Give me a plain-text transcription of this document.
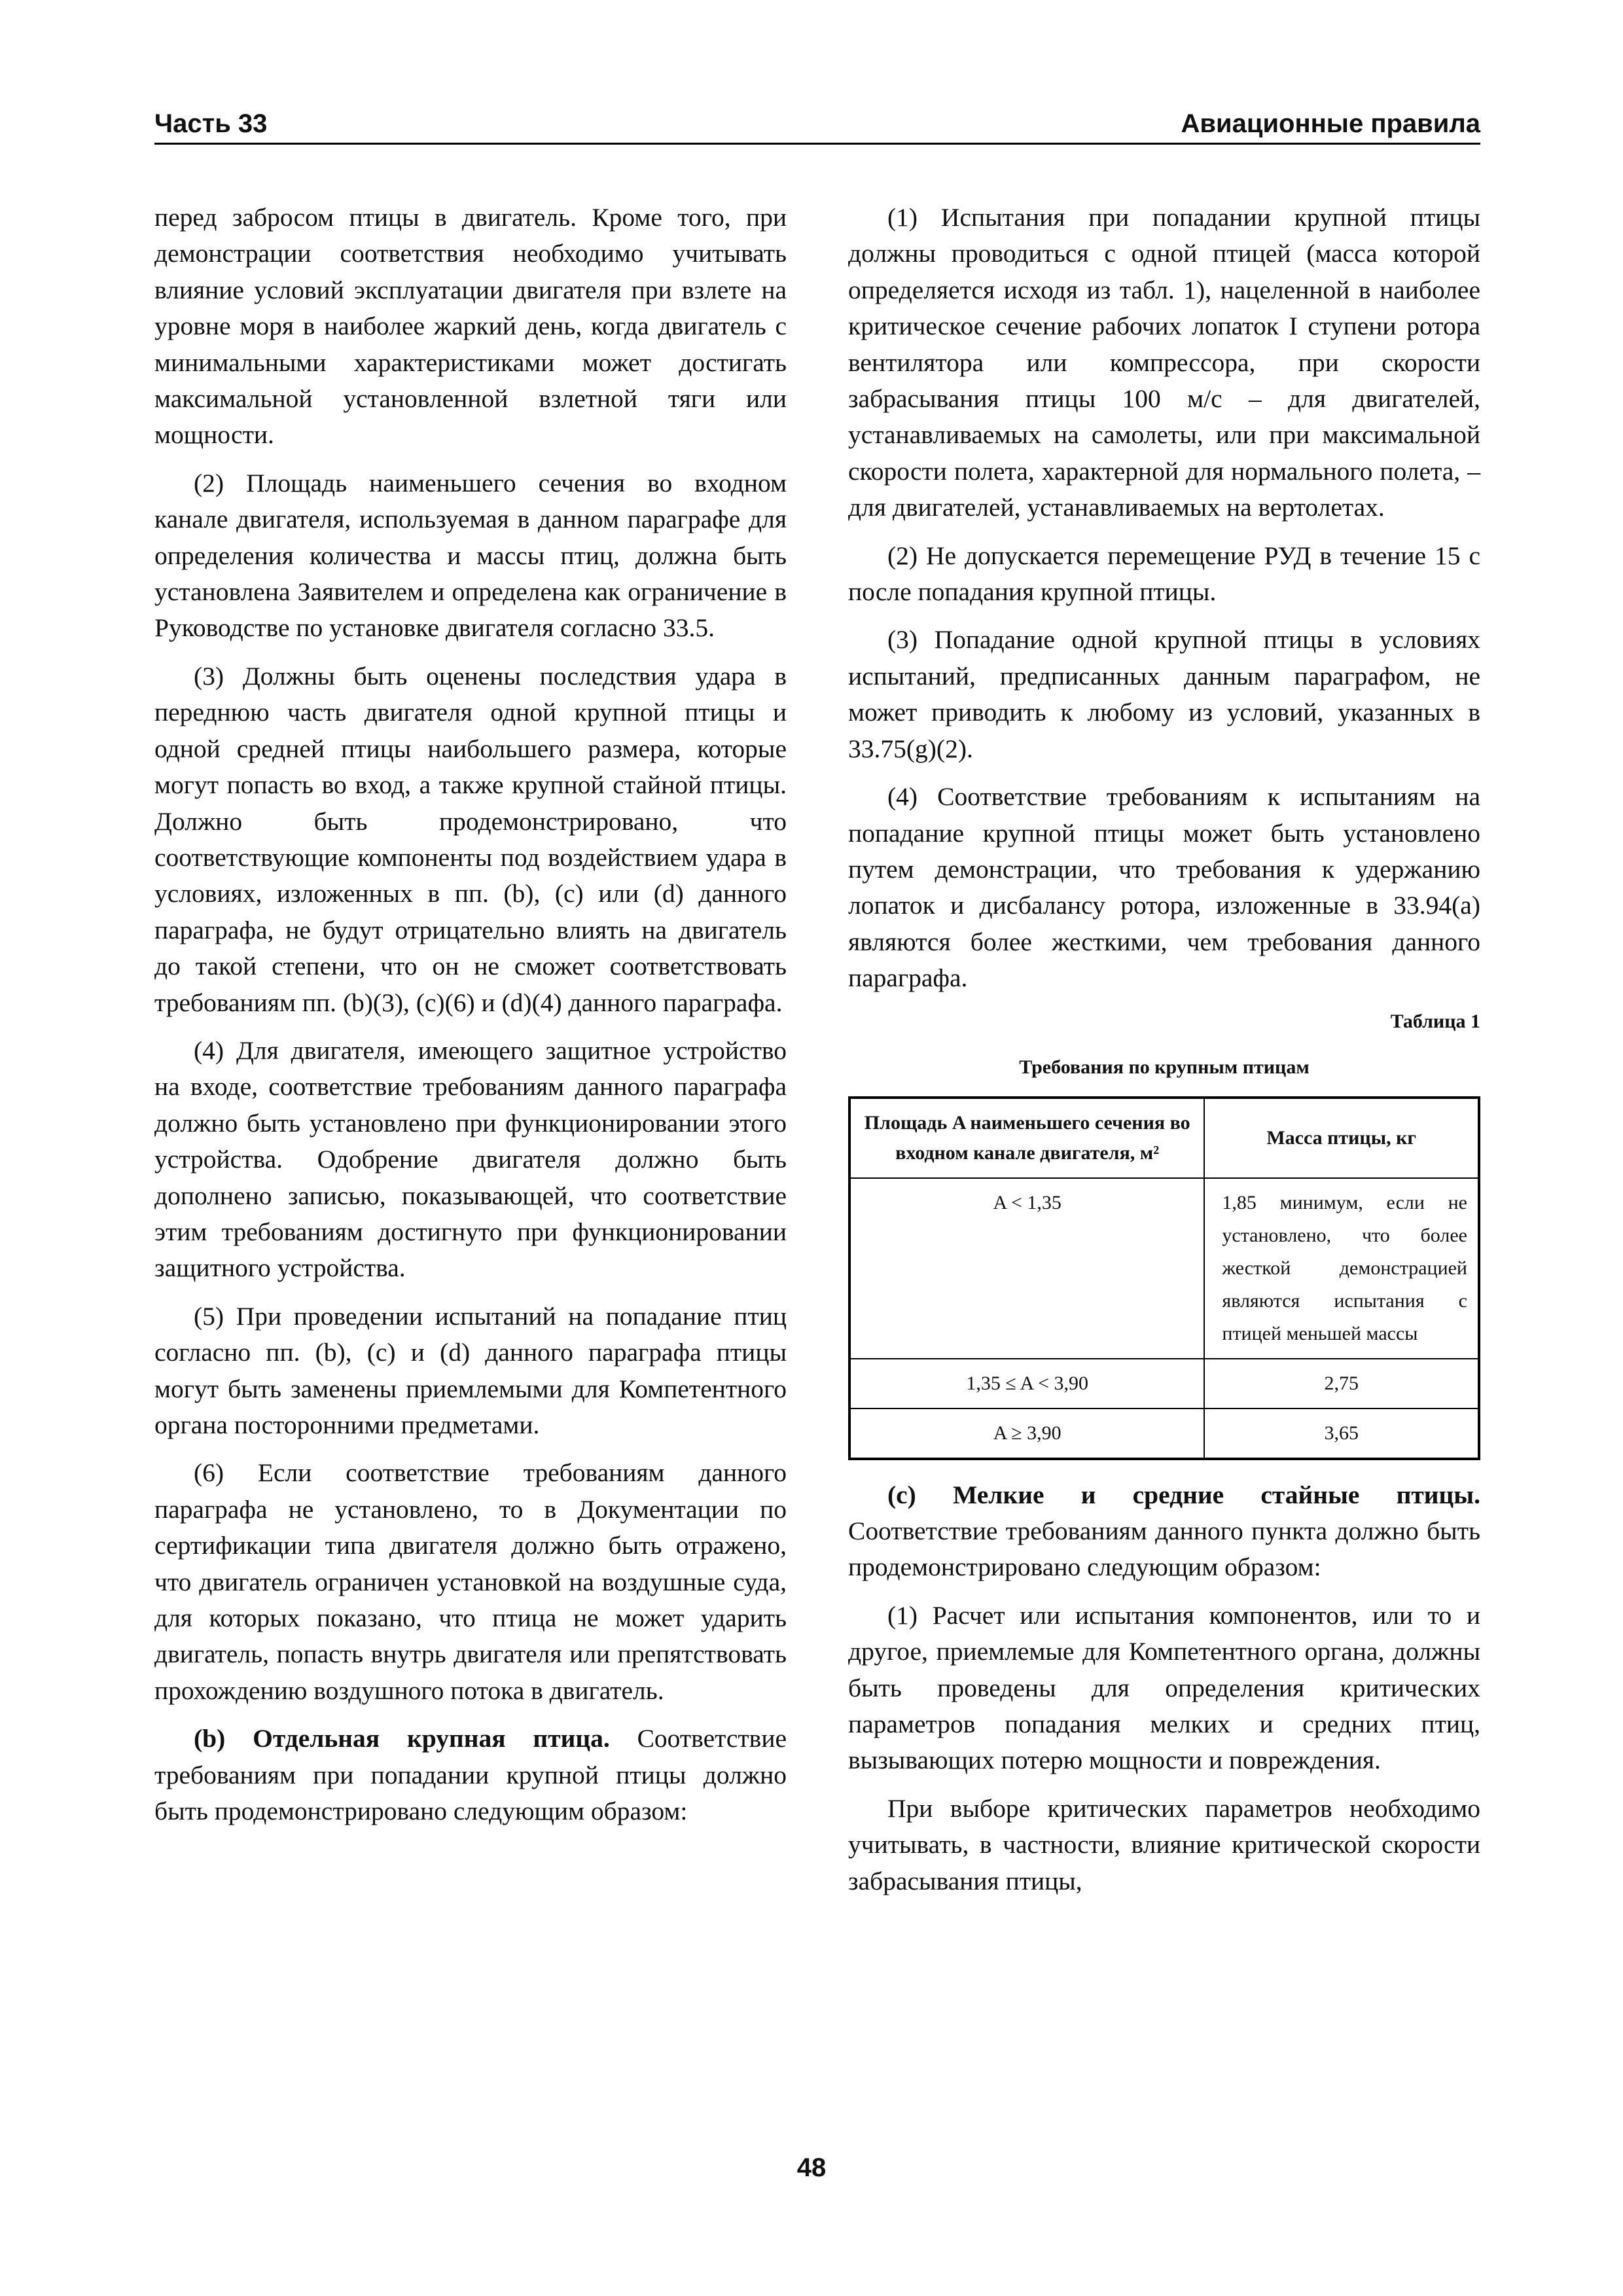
Часть 33	Авиационные правила

перед забросом птицы в двигатель. Кроме того, при демонстрации соответствия необходимо учитывать влияние условий эксплуатации двигателя при взлете на уровне моря в наиболее жаркий день, когда двигатель с минимальными характеристиками может достигать максимальной установленной взлетной тяги или мощности.

(2) Площадь наименьшего сечения во входном канале двигателя, используемая в данном параграфе для определения количества и массы птиц, должна быть установлена Заявителем и определена как ограничение в Руководстве по установке двигателя согласно 33.5.

(3) Должны быть оценены последствия удара в переднюю часть двигателя одной крупной птицы и одной средней птицы наибольшего размера, которые могут попасть во вход, а также крупной стайной птицы. Должно быть продемонстрировано, что соответствующие компоненты под воздействием удара в условиях, изложенных в пп. (b), (c) или (d) данного параграфа, не будут отрицательно влиять на двигатель до такой степени, что он не сможет соответствовать требованиям пп. (b)(3), (c)(6) и (d)(4) данного параграфа.

(4) Для двигателя, имеющего защитное устройство на входе, соответствие требованиям данного параграфа должно быть установлено при функционировании этого устройства. Одобрение двигателя должно быть дополнено записью, показывающей, что соответствие этим требованиям достигнуто при функционировании защитного устройства.

(5) При проведении испытаний на попадание птиц согласно пп. (b), (c) и (d) данного параграфа птицы могут быть заменены приемлемыми для Компетентного органа посторонними предметами.

(6) Если соответствие требованиям данного параграфа не установлено, то в Документации по сертификации типа двигателя должно быть отражено, что двигатель ограничен установкой на воздушные суда, для которых показано, что птица не может ударить двигатель, попасть внутрь двигателя или препятствовать прохождению воздушного потока в двигатель.

(b) Отдельная крупная птица. Соответствие требованиям при попадании крупной птицы должно быть продемонстрировано следующим образом:

(1) Испытания при попадании крупной птицы должны проводиться с одной птицей (масса которой определяется исходя из табл. 1), нацеленной в наиболее критическое сечение рабочих лопаток I ступени ротора вентилятора или компрессора, при скорости забрасывания птицы 100 м/с – для двигателей, устанавливаемых на самолеты, или при максимальной скорости полета, характерной для нормального полета, – для двигателей, устанавливаемых на вертолетах.

(2) Не допускается перемещение РУД в течение 15 с после попадания крупной птицы.

(3) Попадание одной крупной птицы в условиях испытаний, предписанных данным параграфом, не может приводить к любому из условий, указанных в 33.75(g)(2).

(4) Соответствие требованиям к испытаниям на попадание крупной птицы может быть установлено путем демонстрации, что требования к удержанию лопаток и дисбалансу ротора, изложенные в 33.94(a) являются более жесткими, чем требования данного параграфа.

Таблица 1
Требования по крупным птицам
Площадь A наименьшего сечения во входном канале двигателя, м²	Масса птицы, кг
A < 1,35	1,85 минимум, если не установлено, что более жесткой демонстрацией являются испытания с птицей меньшей массы
1,35 ≤ A < 3,90	2,75
A ≥ 3,90	3,65

(c) Мелкие и средние стайные птицы. Соответствие требованиям данного пункта должно быть продемонстрировано следующим образом:

(1) Расчет или испытания компонентов, или то и другое, приемлемые для Компетентного органа, должны быть проведены для определения критических параметров попадания мелких и средних птиц, вызывающих потерю мощности и повреждения.

При выборе критических параметров необходимо учитывать, в частности, влияние критической скорости забрасывания птицы,

48
